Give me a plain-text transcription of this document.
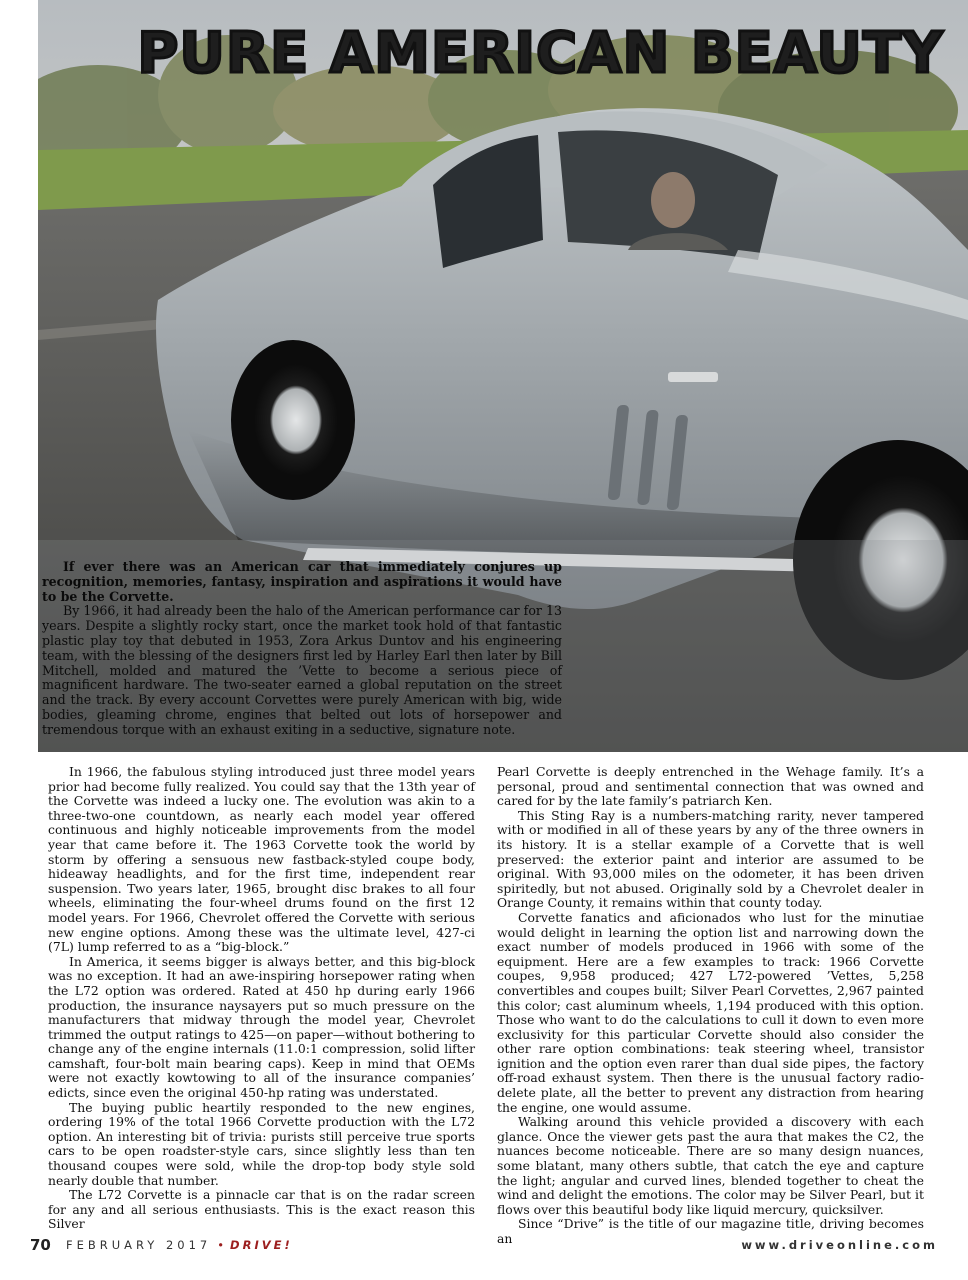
PURE AMERICAN BEAUTY

If ever there was an American car that immediately conjures up recognition, memories, fantasy, inspiration and aspirations it would have to be the Corvette.

By 1966, it had already been the halo of the American performance car for 13 years. Despite a slightly rocky start, once the market took hold of that fantastic plastic play toy that debuted in 1953, Zora Arkus Duntov and his engineering team, with the blessing of the designers first led by Harley Earl then later by Bill Mitchell, molded and matured the ’Vette to become a serious piece of magnificent hardware. The two-seater earned a global reputation on the street and the track. By every account Corvettes were purely American with big, wide bodies, gleaming chrome, engines that belted out lots of horsepower and tremendous torque with an exhaust exiting in a seductive, signature note.

In 1966, the fabulous styling introduced just three model years prior had become fully realized. You could say that the 13th year of the Corvette was indeed a lucky one. The evolution was akin to a three-two-one countdown, as nearly each model year offered continuous and highly noticeable improvements from the model year that came before it. The 1963 Corvette took the world by storm by offering a sensuous new fastback-styled coupe body, hideaway headlights, and for the first time, independent rear suspension. Two years later, 1965, brought disc brakes to all four wheels, eliminating the four-wheel drums found on the first 12 model years. For 1966, Chevrolet offered the Corvette with serious new engine options. Among these was the ultimate level, 427-ci (7L) lump referred to as a “big-block.”

In America, it seems bigger is always better, and this big-block was no exception. It had an awe-inspiring horsepower rating when the L72 option was ordered. Rated at 450 hp during early 1966 production, the insurance naysayers put so much pressure on the manufacturers that midway through the model year, Chevrolet trimmed the output ratings to 425—on paper—without bothering to change any of the engine internals (11.0:1 compression, solid lifter camshaft, four-bolt main bearing caps). Keep in mind that OEMs were not exactly kowtowing to all of the insurance companies’ edicts, since even the original 450-hp rating was understated.

The buying public heartily responded to the new engines, ordering 19% of the total 1966 Corvette production with the L72 option. An interesting bit of trivia: purists still perceive true sports cars to be open roadster-style cars, since slightly less than ten thousand coupes were sold, while the drop-top body style sold nearly double that number.

The L72 Corvette is a pinnacle car that is on the radar screen for any and all serious enthusiasts. This is the exact reason this Silver

Pearl Corvette is deeply entrenched in the Wehage family. It’s a personal, proud and sentimental connection that was owned and cared for by the late family’s patriarch Ken.

This Sting Ray is a numbers-matching rarity, never tampered with or modified in all of these years by any of the three owners in its history. It is a stellar example of a Corvette that is well preserved: the exterior paint and interior are assumed to be original. With 93,000 miles on the odometer, it has been driven spiritedly, but not abused. Originally sold by a Chevrolet dealer in Orange County, it remains within that county today.

Corvette fanatics and aficionados who lust for the minutiae would delight in learning the option list and narrowing down the exact number of models produced in 1966 with some of the equipment. Here are a few examples to track: 1966 Corvette coupes, 9,958 produced; 427 L72-powered ’Vettes, 5,258 convertibles and coupes built; Silver Pearl Corvettes, 2,967 painted this color; cast aluminum wheels, 1,194 produced with this option. Those who want to do the calculations to cull it down to even more exclusivity for this particular Corvette should also consider the other rare option combinations: teak steering wheel, transistor ignition and the option even rarer than dual side pipes, the factory off-road exhaust system. Then there is the unusual factory radio-delete plate, all the better to prevent any distraction from hearing the engine, one would assume.

Walking around this vehicle provided a discovery with each glance. Once the viewer gets past the aura that makes the C2, the nuances become noticeable. There are so many design nuances, some blatant, many others subtle, that catch the eye and capture the light; angular and curved lines, blended together to cheat the wind and delight the emotions. The color may be Silver Pearl, but it flows over this beautiful body like liquid mercury, quicksilver.

Since “Drive” is the title of our magazine title, driving becomes an

70 FEBRUARY 2017 • DRIVE!	www.driveonline.com
